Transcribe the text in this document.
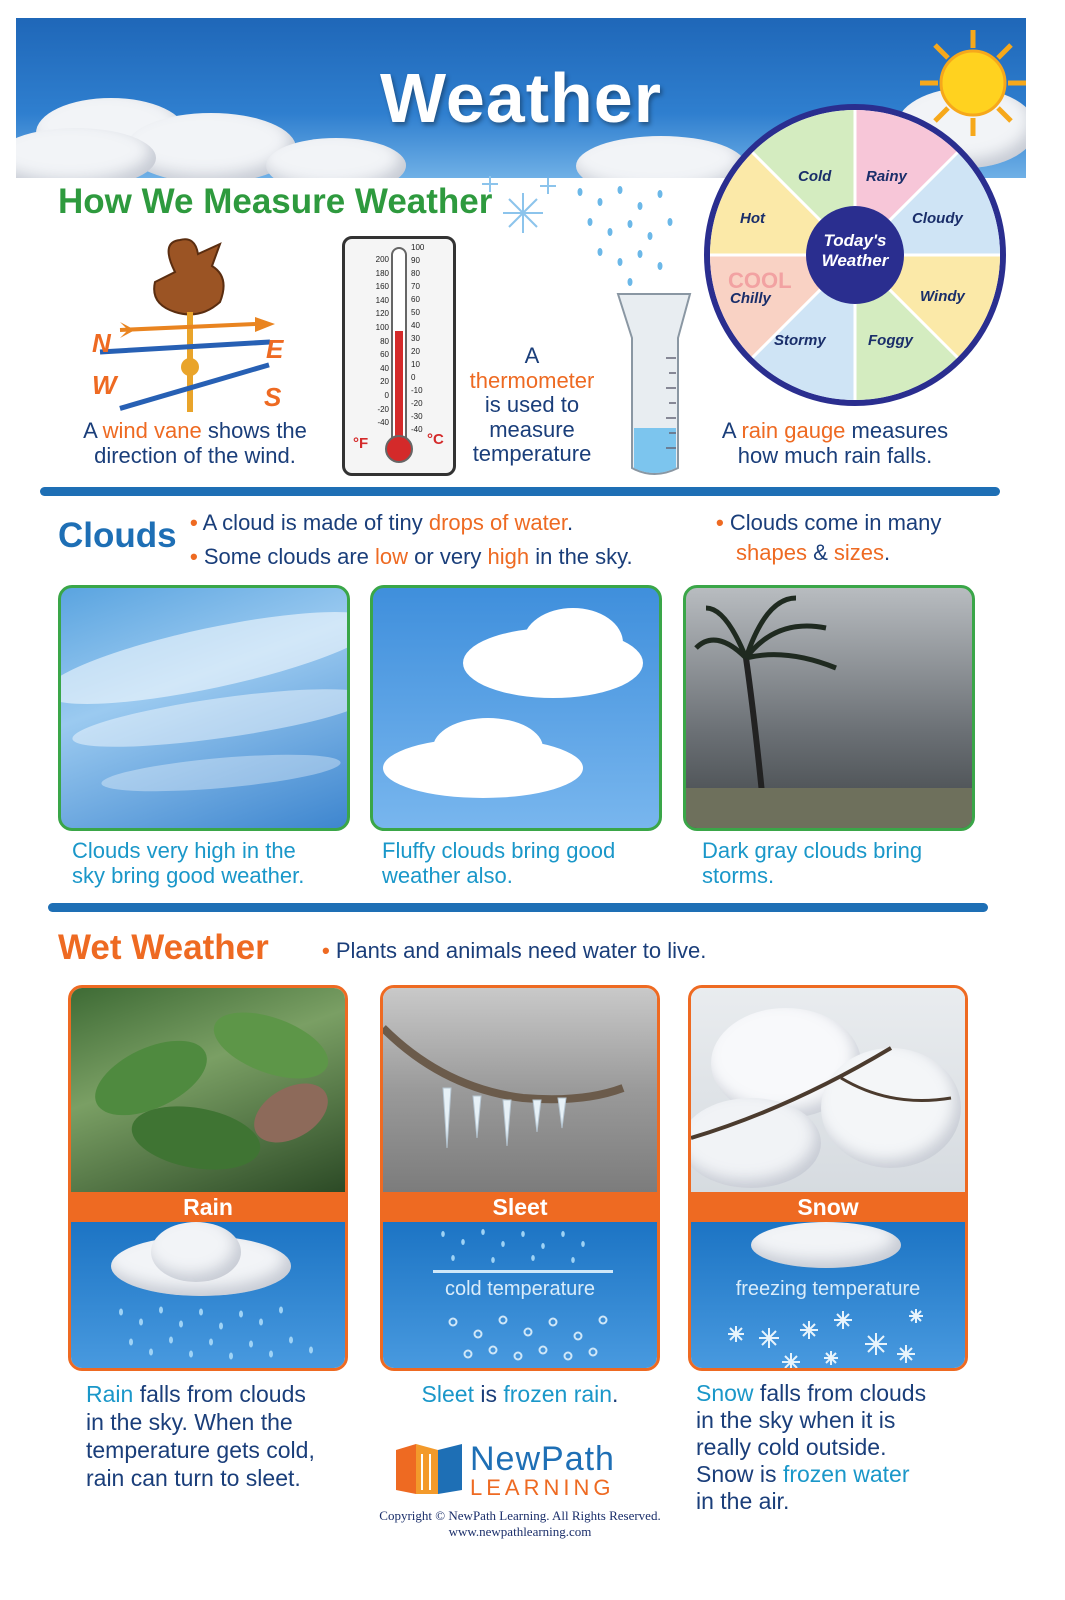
Weather
How We Measure Weather
N	E
W	S
A wind vane shows the
direction of the wind.
200
180
160
140
120
100
80
60
40
20
0
-20
-40
100
90
80
70
60
50
40
30
20
10
0
-10
-20
-30
-40
°F	°C
A
thermometer
is used to
measure
temperature
A rain gauge measures
how much rain falls.
Cold Rainy
Hot	Cloudy
COOL
Chilly	Windy
Stormy	Foggy
Today's
Weather
Clouds • A cloud is made of tiny drops of water.
• Some clouds are low or very high in the sky.
• Clouds come in many
shapes & sizes.
Clouds very high in the
sky bring good weather.
Fluffy clouds bring good
weather also.
Dark gray clouds bring
storms.
Wet Weather • Plants and animals need water to live.
Rain	Sleet
cold temperature
Snow
freezing temperature
Rain falls from clouds
in the sky. When the
temperature gets cold,
rain can turn to sleet.
Sleet is frozen rain.	Snow falls from clouds
in the sky when it is
really cold outside.
Snow is frozen water
in the air.
NewPath
LEARNING
Copyright © NewPath Learning. All Rights Reserved.
www.newpathlearning.com
